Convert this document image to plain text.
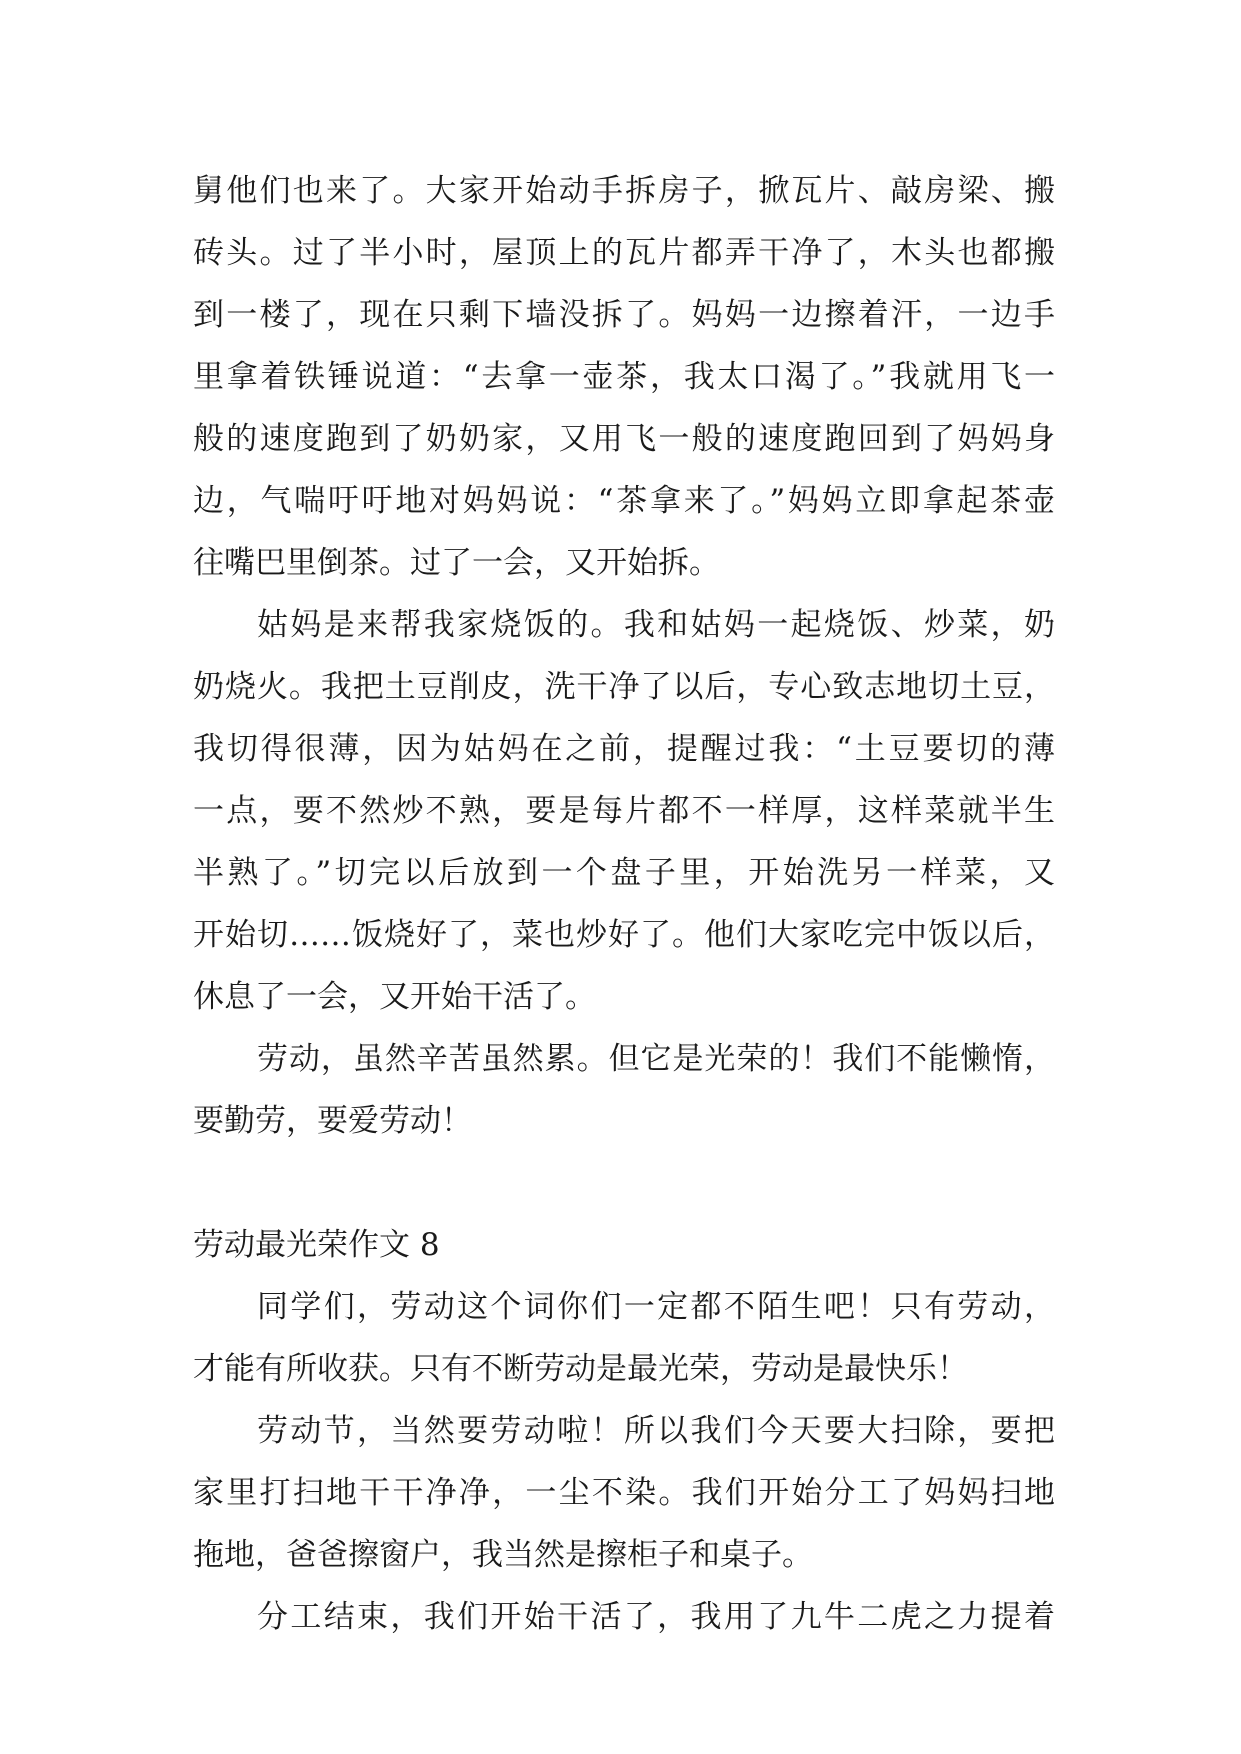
舅他们也来了。大家开始动手拆房子，掀瓦片、敲房梁、搬
砖头。过了半小时，屋顶上的瓦片都弄干净了，木头也都搬
到一楼了，现在只剩下墙没拆了。妈妈一边擦着汗，一边手
里拿着铁锤说道：“去拿一壶茶，我太口渴了。”我就用飞一
般的速度跑到了奶奶家，又用飞一般的速度跑回到了妈妈身
边，气喘吁吁地对妈妈说：“茶拿来了。”妈妈立即拿起茶壶
往嘴巴里倒茶。过了一会，又开始拆。
姑妈是来帮我家烧饭的。我和姑妈一起烧饭、炒菜，奶
奶烧火。我把土豆削皮，洗干净了以后，专心致志地切土豆，
我切得很薄，因为姑妈在之前，提醒过我：“土豆要切的薄
一点，要不然炒不熟，要是每片都不一样厚，这样菜就半生
半熟了。”切完以后放到一个盘子里，开始洗另一样菜，又
开始切……饭烧好了，菜也炒好了。他们大家吃完中饭以后，
休息了一会，又开始干活了。
劳动，虽然辛苦虽然累。但它是光荣的！我们不能懒惰，
要勤劳，要爱劳动！
劳动最光荣作文 8
同学们，劳动这个词你们一定都不陌生吧！只有劳动，
才能有所收获。只有不断劳动是最光荣，劳动是最快乐！
劳动节，当然要劳动啦！所以我们今天要大扫除，要把
家里打扫地干干净净，一尘不染。我们开始分工了妈妈扫地
拖地，爸爸擦窗户，我当然是擦柜子和桌子。
分工结束，我们开始干活了，我用了九牛二虎之力提着
